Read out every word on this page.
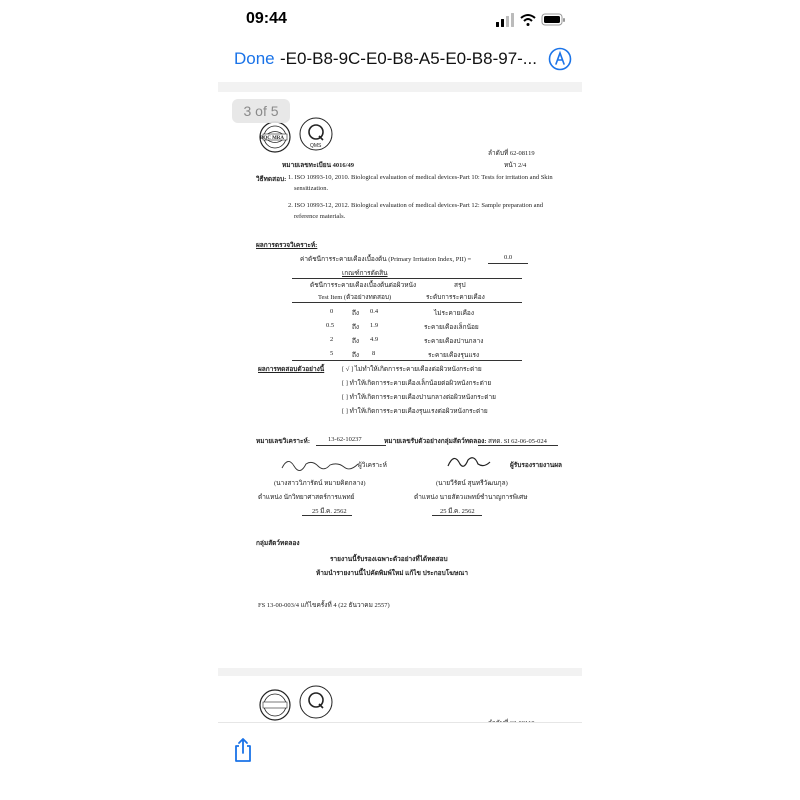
09:44
Done -E0-B8-9C-E0-B8-A5-E0-B8-97-...
3 of 5
BQC MRA
QMS
ลำดับที่ 62-08119
หน้า 2/4
หมายเลขทะเบียน 4016/49
วิธีทดสอบ: 1. ISO 10993-10, 2010. Biological evaluation of medical devices-Part 10: Tests for irritation and Skin
sensitization.
2. ISO 10993-12, 2012. Biological evaluation of medical devices-Part 12: Sample preparation and
reference materials.
ผลการตรวจวิเคราะห์:
ค่าดัชนีการระคายเคืองเบื้องต้น (Primary Irritation Index, PII) =	0.0
เกณฑ์การตัดสิน
ดัชนีการระคายเคืองเบื้องต้นต่อผิวหนัง	สรุป
Test Item (ตัวอย่างทดสอบ)	ระดับการระคายเคือง
0	ถึง 0.4	ไม่ระคายเคือง
0.5	ถึง 1.9	ระคายเคืองเล็กน้อย
2	ถึง 4.9	ระคายเคืองปานกลาง
5	ถึง 8	ระคายเคืองรุนแรง
ผลการทดสอบตัวอย่างนี้	[ √ ] ไม่ทำให้เกิดการระคายเคืองต่อผิวหนังกระต่าย
[ ] ทำให้เกิดการระคายเคืองเล็กน้อยต่อผิวหนังกระต่าย
[ ] ทำให้เกิดการระคายเคืองปานกลางต่อผิวหนังกระต่าย
[ ] ทำให้เกิดการระคายเคืองรุนแรงต่อผิวหนังกระต่าย
หมายเลขวิเคราะห์:	13-62-10237	หมายเลขรับตัวอย่างกลุ่มสัตว์ทดลอง: สทด. SI 62-06-05-024
ผู้วิเคราะห์	ผู้รับรองรายงานผล
(นางสาววิภารัตน์ หมายคิดกลาง)	(นายวีรัตน์ สุนทรีวัฒนกุล)
ตำแหน่ง นักวิทยาศาสตร์การแพทย์	ตำแหน่ง นายสัตวแพทย์ชำนาญการพิเศษ
25 มี.ค. 2562	25 มี.ค. 2562
กลุ่มสัตว์ทดลอง
รายงานนี้รับรองเฉพาะตัวอย่างที่ได้ทดสอบ
ห้ามนำรายงานนี้ไปคัดพิมพ์ใหม่ แก้ไข ประกอบโฆษณา
FS 13-00-003/4 แก้ไขครั้งที่ 4 (22 ธันวาคม 2557)
